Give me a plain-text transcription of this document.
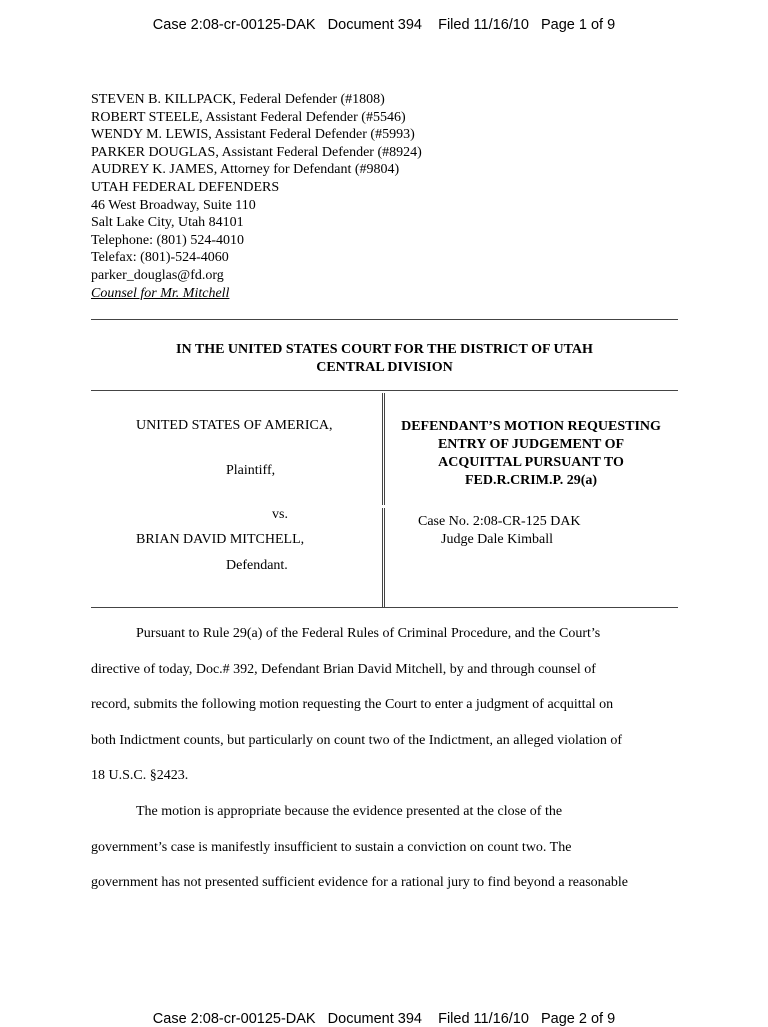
Case 2:08-cr-00125-DAK   Document 394    Filed 11/16/10   Page 1 of 9
STEVEN B. KILLPACK, Federal Defender (#1808)
ROBERT STEELE, Assistant Federal Defender (#5546)
WENDY M. LEWIS, Assistant Federal Defender (#5993)
PARKER DOUGLAS, Assistant Federal Defender (#8924)
AUDREY K. JAMES, Attorney for Defendant (#9804)
UTAH FEDERAL DEFENDERS
46 West Broadway, Suite 110
Salt Lake City, Utah 84101
Telephone: (801) 524-4010
Telefax: (801)-524-4060
parker_douglas@fd.org
Counsel for Mr. Mitchell
IN THE UNITED STATES COURT FOR THE DISTRICT OF UTAH
CENTRAL DIVISION
UNITED STATES OF AMERICA,
Plaintiff,
vs.
BRIAN DAVID MITCHELL,
Defendant.
DEFENDANT’S MOTION REQUESTING
ENTRY OF JUDGEMENT OF
ACQUITTAL PURSUANT TO
FED.R.CRIM.P. 29(a)
Case No. 2:08-CR-125 DAK
Judge Dale Kimball
Pursuant to Rule 29(a) of the Federal Rules of Criminal Procedure, and the Court’s
directive of today, Doc.# 392, Defendant Brian David Mitchell, by and through counsel of
record, submits the following motion requesting the Court to enter a judgment of acquittal on
both Indictment counts, but particularly on count two of the Indictment, an alleged violation of
18 U.S.C. §2423.
The motion is appropriate because the evidence presented at the close of the
government’s case is manifestly insufficient to sustain a conviction on count two. The
government has not presented sufficient evidence for a rational jury to find beyond a reasonable
Case 2:08-cr-00125-DAK   Document 394    Filed 11/16/10   Page 2 of 9
